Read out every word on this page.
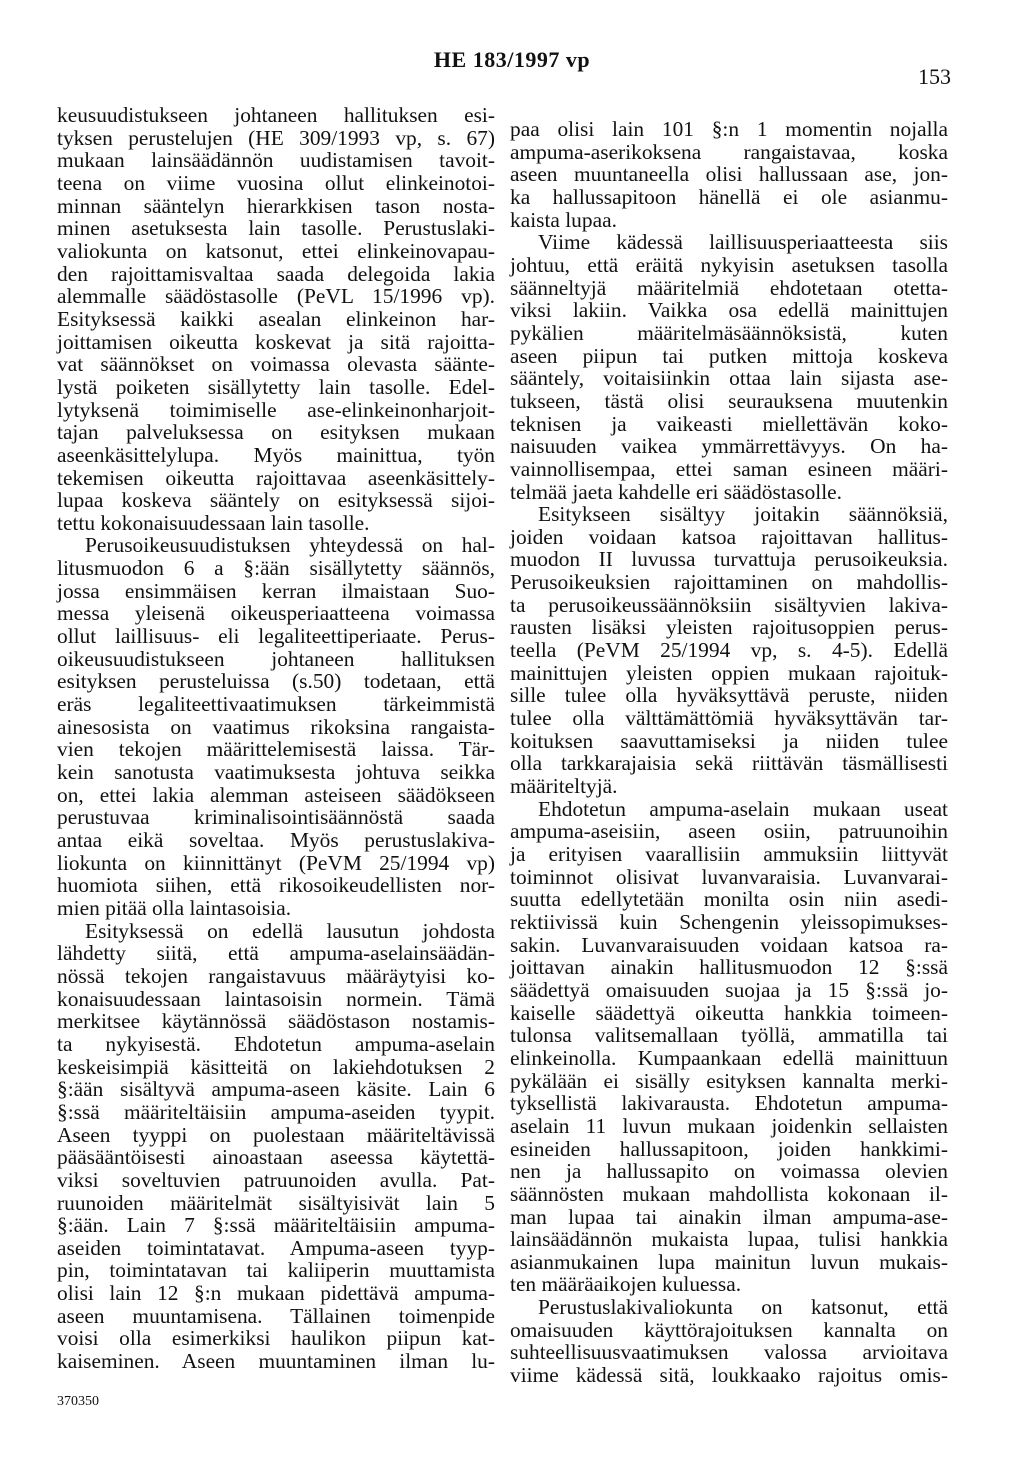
HE 183/1997 vp
153
keusuudistukseen johtaneen hallituksen esi-
tyksen perustelujen (HE 309/1993 vp, s. 67)
mukaan lainsäädännön uudistamisen tavoit-
teena on viime vuosina ollut elinkeinotoi-
minnan sääntelyn hierarkkisen tason nosta-
minen asetuksesta lain tasolle. Perustuslaki-
valiokunta on katsonut, ettei elinkeinovapau-
den rajoittamisvaltaa saada delegoida lakia
alemmalle säädöstasolle (PeVL 15/1996 vp).
Esityksessä kaikki asealan elinkeinon har-
joittamisen oikeutta koskevat ja sitä rajoitta-
vat säännökset on voimassa olevasta säänte-
lystä poiketen sisällytetty lain tasolle. Edel-
lytyksenä toimimiselle ase-elinkeinonharjoit-
tajan palveluksessa on esityksen mukaan
aseenkäsittelylupa. Myös mainittua, työn
tekemisen oikeutta rajoittavaa aseenkäsittely-
lupaa koskeva sääntely on esityksessä sijoi-
tettu kokonaisuudessaan lain tasolle.
Perusoikeusuudistuksen yhteydessä on hal-
litusmuodon 6 a §:ään sisällytetty säännös,
jossa ensimmäisen kerran ilmaistaan Suo-
messa yleisenä oikeusperiaatteena voimassa
ollut laillisuus- eli legaliteettiperiaate. Perus-
oikeusuudistukseen johtaneen hallituksen
esityksen perusteluissa (s.50) todetaan, että
eräs legaliteettivaatimuksen tärkeimmistä
ainesosista on vaatimus rikoksina rangaista-
vien tekojen määrittelemisestä laissa. Tär-
kein sanotusta vaatimuksesta johtuva seikka
on, ettei lakia alemman asteiseen säädökseen
perustuvaa kriminalisointisäännöstä saada
antaa eikä soveltaa. Myös perustuslakiva-
liokunta on kiinnittänyt (PeVM 25/1994 vp)
huomiota siihen, että rikosoikeudellisten nor-
mien pitää olla laintasoisia.
Esityksessä on edellä lausutun johdosta
lähdetty siitä, että ampuma-aselainsäädän-
nössä tekojen rangaistavuus määräytyisi ko-
konaisuudessaan laintasoisin normein. Tämä
merkitsee käytännössä säädöstason nostamis-
ta nykyisestä. Ehdotetun ampuma-aselain
keskeisimpiä käsitteitä on lakiehdotuksen 2
§:ään sisältyvä ampuma-aseen käsite. Lain 6
§:ssä määriteltäisiin ampuma-aseiden tyypit.
Aseen tyyppi on puolestaan määriteltävissä
pääsääntöisesti ainoastaan aseessa käytettä-
viksi soveltuvien patruunoiden avulla. Pat-
ruunoiden määritelmät sisältyisivät lain 5
§:ään. Lain 7 §:ssä määriteltäisiin ampuma-
aseiden toimintatavat. Ampuma-aseen tyyp-
pin, toimintatavan tai kaliiperin muuttamista
olisi lain 12 §:n mukaan pidettävä ampuma-
aseen muuntamisena. Tällainen toimenpide
voisi olla esimerkiksi haulikon piipun kat-
kaiseminen. Aseen muuntaminen ilman lu-
paa olisi lain 101 §:n 1 momentin nojalla
ampuma-aserikoksena rangaistavaa, koska
aseen muuntaneella olisi hallussaan ase, jon-
ka hallussapitoon hänellä ei ole asianmu-
kaista lupaa.
Viime kädessä laillisuusperiaatteesta siis
johtuu, että eräitä nykyisin asetuksen tasolla
säänneltyjä määritelmiä ehdotetaan otetta-
viksi lakiin. Vaikka osa edellä mainittujen
pykälien määritelmäsäännöksistä, kuten
aseen piipun tai putken mittoja koskeva
sääntely, voitaisiinkin ottaa lain sijasta ase-
tukseen, tästä olisi seurauksena muutenkin
teknisen ja vaikeasti miellettävän koko-
naisuuden vaikea ymmärrettävyys. On ha-
vainnollisempaa, ettei saman esineen määri-
telmää jaeta kahdelle eri säädöstasolle.
Esitykseen sisältyy joitakin säännöksiä,
joiden voidaan katsoa rajoittavan hallitus-
muodon II luvussa turvattuja perusoikeuksia.
Perusoikeuksien rajoittaminen on mahdollis-
ta perusoikeussäännöksiin sisältyvien lakiva-
rausten lisäksi yleisten rajoitusoppien perus-
teella (PeVM 25/1994 vp, s. 4-5). Edellä
mainittujen yleisten oppien mukaan rajoituk-
sille tulee olla hyväksyttävä peruste, niiden
tulee olla välttämättömiä hyväksyttävän tar-
koituksen saavuttamiseksi ja niiden tulee
olla tarkkarajaisia sekä riittävän täsmällisesti
määriteltyjä.
Ehdotetun ampuma-aselain mukaan useat
ampuma-aseisiin, aseen osiin, patruunoihin
ja erityisen vaarallisiin ammuksiin liittyvät
toiminnot olisivat luvanvaraisia. Luvanvarai-
suutta edellytetään monilta osin niin asedi-
rektiivissä kuin Schengenin yleissopimukses-
sakin. Luvanvaraisuuden voidaan katsoa ra-
joittavan ainakin hallitusmuodon 12 §:ssä
säädettyä omaisuuden suojaa ja 15 §:ssä jo-
kaiselle säädettyä oikeutta hankkia toimeen-
tulonsa valitsemallaan työllä, ammatilla tai
elinkeinolla. Kumpaankaan edellä mainittuun
pykälään ei sisälly esityksen kannalta merki-
tyksellistä lakivarausta. Ehdotetun ampuma-
aselain 11 luvun mukaan joidenkin sellaisten
esineiden hallussapitoon, joiden hankkimi-
nen ja hallussapito on voimassa olevien
säännösten mukaan mahdollista kokonaan il-
man lupaa tai ainakin ilman ampuma-ase-
lainsäädännön mukaista lupaa, tulisi hankkia
asianmukainen lupa mainitun luvun mukais-
ten määräaikojen kuluessa.
Perustuslakivaliokunta on katsonut, että
omaisuuden käyttörajoituksen kannalta on
suhteellisuusvaatimuksen valossa arvioitava
viime kädessä sitä, loukkaako rajoitus omis-
370350
